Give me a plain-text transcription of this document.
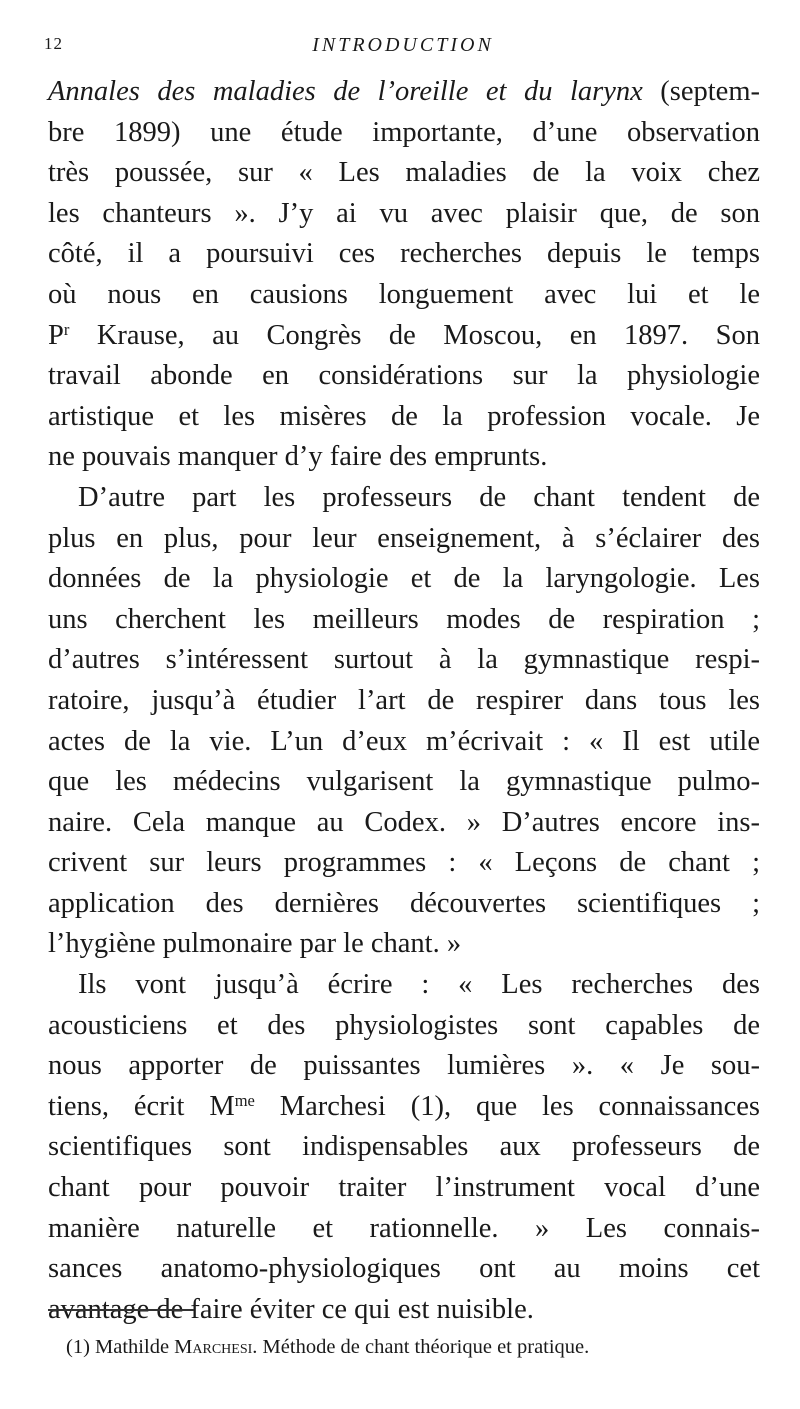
12	INTRODUCTION
Annales des maladies de l’oreille et du larynx (septem-
bre 1899) une étude importante, d’une observation
très poussée, sur « Les maladies de la voix chez
les chanteurs ». J’y ai vu avec plaisir que, de son
côté, il a poursuivi ces recherches depuis le temps
où nous en causions longuement avec lui et le
$P^r$ Krause, au Congrès de Moscou, en 1897. Son
travail abonde en considérations sur la physiologie
artistique et les misères de la profession vocale. Je
ne pouvais manquer d’y faire des emprunts.
D’autre part les professeurs de chant tendent de
plus en plus, pour leur enseignement, à s’éclairer des
données de la physiologie et de la laryngologie. Les
uns cherchent les meilleurs modes de respiration ;
d’autres s’intéressent surtout à la gymnastique respi-
ratoire, jusqu’à étudier l’art de respirer dans tous les
actes de la vie. L’un d’eux m’écrivait : « Il est utile
que les médecins vulgarisent la gymnastique pulmo-
naire. Cela manque au Codex. » D’autres encore ins-
crivent sur leurs programmes : « Leçons de chant ;
application des dernières découvertes scientifiques ;
l’hygiène pulmonaire par le chant. »
Ils vont jusqu’à écrire : « Les recherches des
acousticiens et des physiologistes sont capables de
nous apporter de puissantes lumières ». « Je sou-
tiens, écrit $M^{me}$ Marchesi (1), que les connaissances
scientifiques sont indispensables aux professeurs de
chant pour pouvoir traiter l’instrument vocal d’une
manière naturelle et rationnelle. » Les connais-
sances anatomo-physiologiques ont au moins cet
avantage de faire éviter ce qui est nuisible.
(1) Mathilde Marchesi. Méthode de chant théorique et pratique.
